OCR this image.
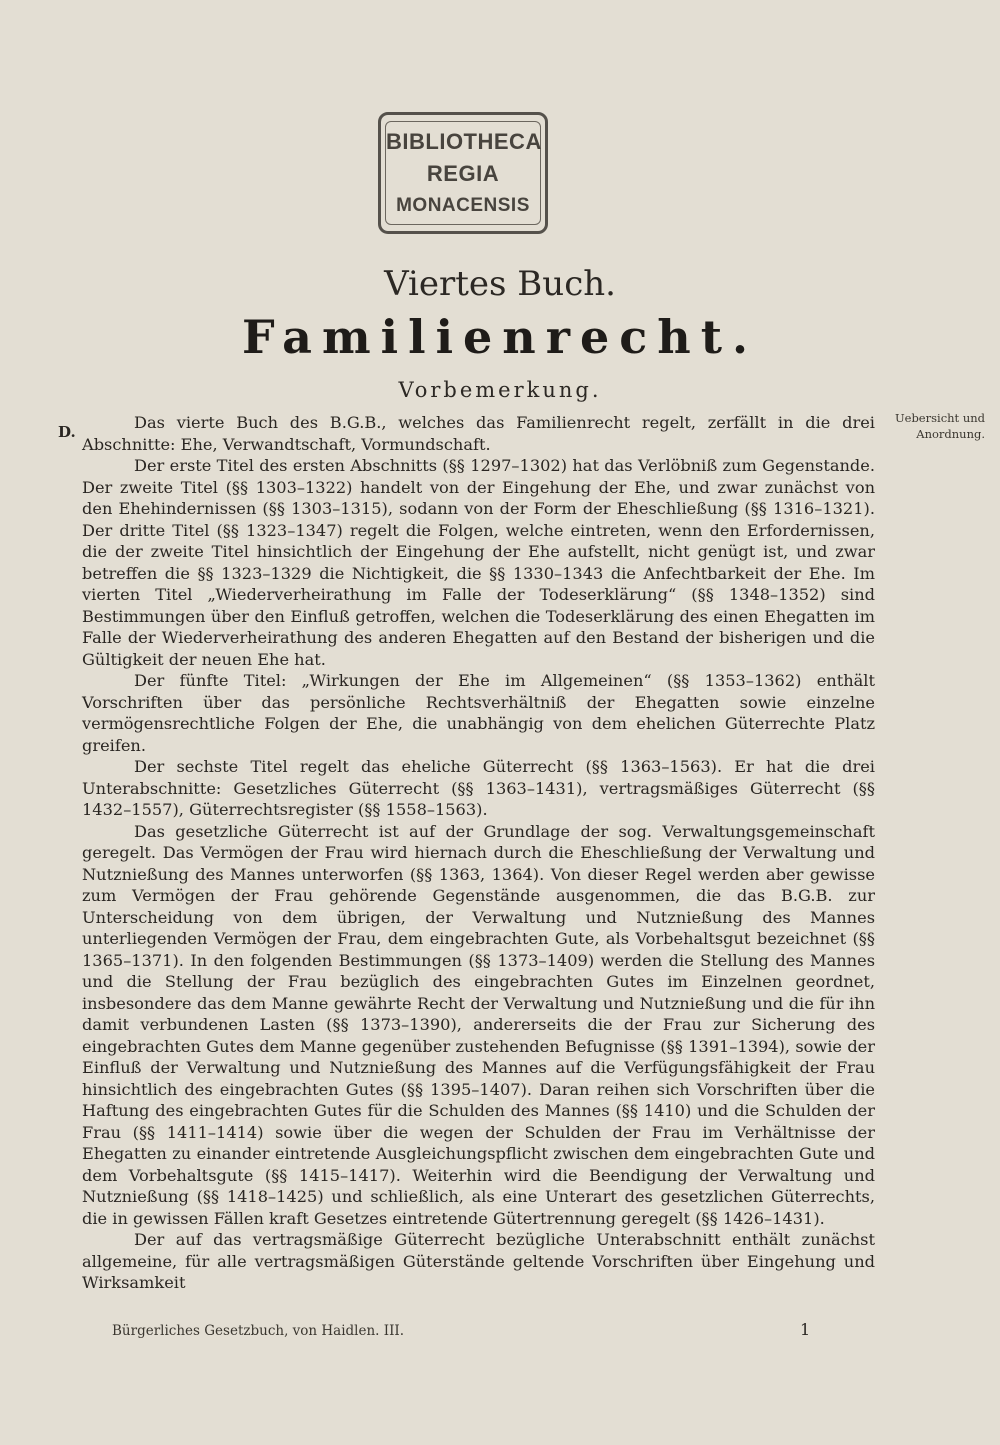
BIBLIOTHECA
REGIA
MONACENSIS
Viertes Buch.
Familienrecht.
Vorbemerkung.
D.
Uebersicht und Anordnung.

Das vierte Buch des B.G.B., welches das Familienrecht regelt, zerfällt in die drei Abschnitte: Ehe, Verwandtschaft, Vormundschaft.

Der erste Titel des ersten Abschnitts (§§ 1297–1302) hat das Verlöbniß zum Gegenstande. Der zweite Titel (§§ 1303–1322) handelt von der Eingehung der Ehe, und zwar zunächst von den Ehehindernissen (§§ 1303–1315), sodann von der Form der Eheschließung (§§ 1316–1321). Der dritte Titel (§§ 1323–1347) regelt die Folgen, welche eintreten, wenn den Erfordernissen, die der zweite Titel hinsichtlich der Eingehung der Ehe aufstellt, nicht genügt ist, und zwar betreffen die §§ 1323–1329 die Nichtigkeit, die §§ 1330–1343 die Anfechtbarkeit der Ehe. Im vierten Titel „Wiederverheirathung im Falle der Todeserklärung“ (§§ 1348–1352) sind Bestimmungen über den Einfluß getroffen, welchen die Todeserklärung des einen Ehegatten im Falle der Wiederverheirathung des anderen Ehegatten auf den Bestand der bisherigen und die Gültigkeit der neuen Ehe hat.

Der fünfte Titel: „Wirkungen der Ehe im Allgemeinen“ (§§ 1353–1362) enthält Vorschriften über das persönliche Rechtsverhältniß der Ehegatten sowie einzelne vermögensrechtliche Folgen der Ehe, die unabhängig von dem ehelichen Güterrechte Platz greifen.

Der sechste Titel regelt das eheliche Güterrecht (§§ 1363–1563). Er hat die drei Unterabschnitte: Gesetzliches Güterrecht (§§ 1363–1431), vertragsmäßiges Güterrecht (§§ 1432–1557), Güterrechtsregister (§§ 1558–1563).

Das gesetzliche Güterrecht ist auf der Grundlage der sog. Verwaltungsgemeinschaft geregelt. Das Vermögen der Frau wird hiernach durch die Eheschließung der Verwaltung und Nutznießung des Mannes unterworfen (§§ 1363, 1364). Von dieser Regel werden aber gewisse zum Vermögen der Frau gehörende Gegenstände ausgenommen, die das B.G.B. zur Unterscheidung von dem übrigen, der Verwaltung und Nutznießung des Mannes unterliegenden Vermögen der Frau, dem eingebrachten Gute, als Vorbehaltsgut bezeichnet (§§ 1365–1371). In den folgenden Bestimmungen (§§ 1373–1409) werden die Stellung des Mannes und die Stellung der Frau bezüglich des eingebrachten Gutes im Einzelnen geordnet, insbesondere das dem Manne gewährte Recht der Verwaltung und Nutznießung und die für ihn damit verbundenen Lasten (§§ 1373–1390), andererseits die der Frau zur Sicherung des eingebrachten Gutes dem Manne gegenüber zustehenden Befugnisse (§§ 1391–1394), sowie der Einfluß der Verwaltung und Nutznießung des Mannes auf die Verfügungsfähigkeit der Frau hinsichtlich des eingebrachten Gutes (§§ 1395–1407). Daran reihen sich Vorschriften über die Haftung des eingebrachten Gutes für die Schulden des Mannes (§§ 1410) und die Schulden der Frau (§§ 1411–1414) sowie über die wegen der Schulden der Frau im Verhältnisse der Ehegatten zu einander eintretende Ausgleichungspflicht zwischen dem eingebrachten Gute und dem Vorbehaltsgute (§§ 1415–1417). Weiterhin wird die Beendigung der Verwaltung und Nutznießung (§§ 1418–1425) und schließlich, als eine Unterart des gesetzlichen Güterrechts, die in gewissen Fällen kraft Gesetzes eintretende Gütertrennung geregelt (§§ 1426–1431).

Der auf das vertragsmäßige Güterrecht bezügliche Unterabschnitt enthält zunächst allgemeine, für alle vertragsmäßigen Güterstände geltende Vorschriften über Eingehung und Wirksamkeit

Bürgerliches Gesetzbuch, von Haidlen. III.	1
